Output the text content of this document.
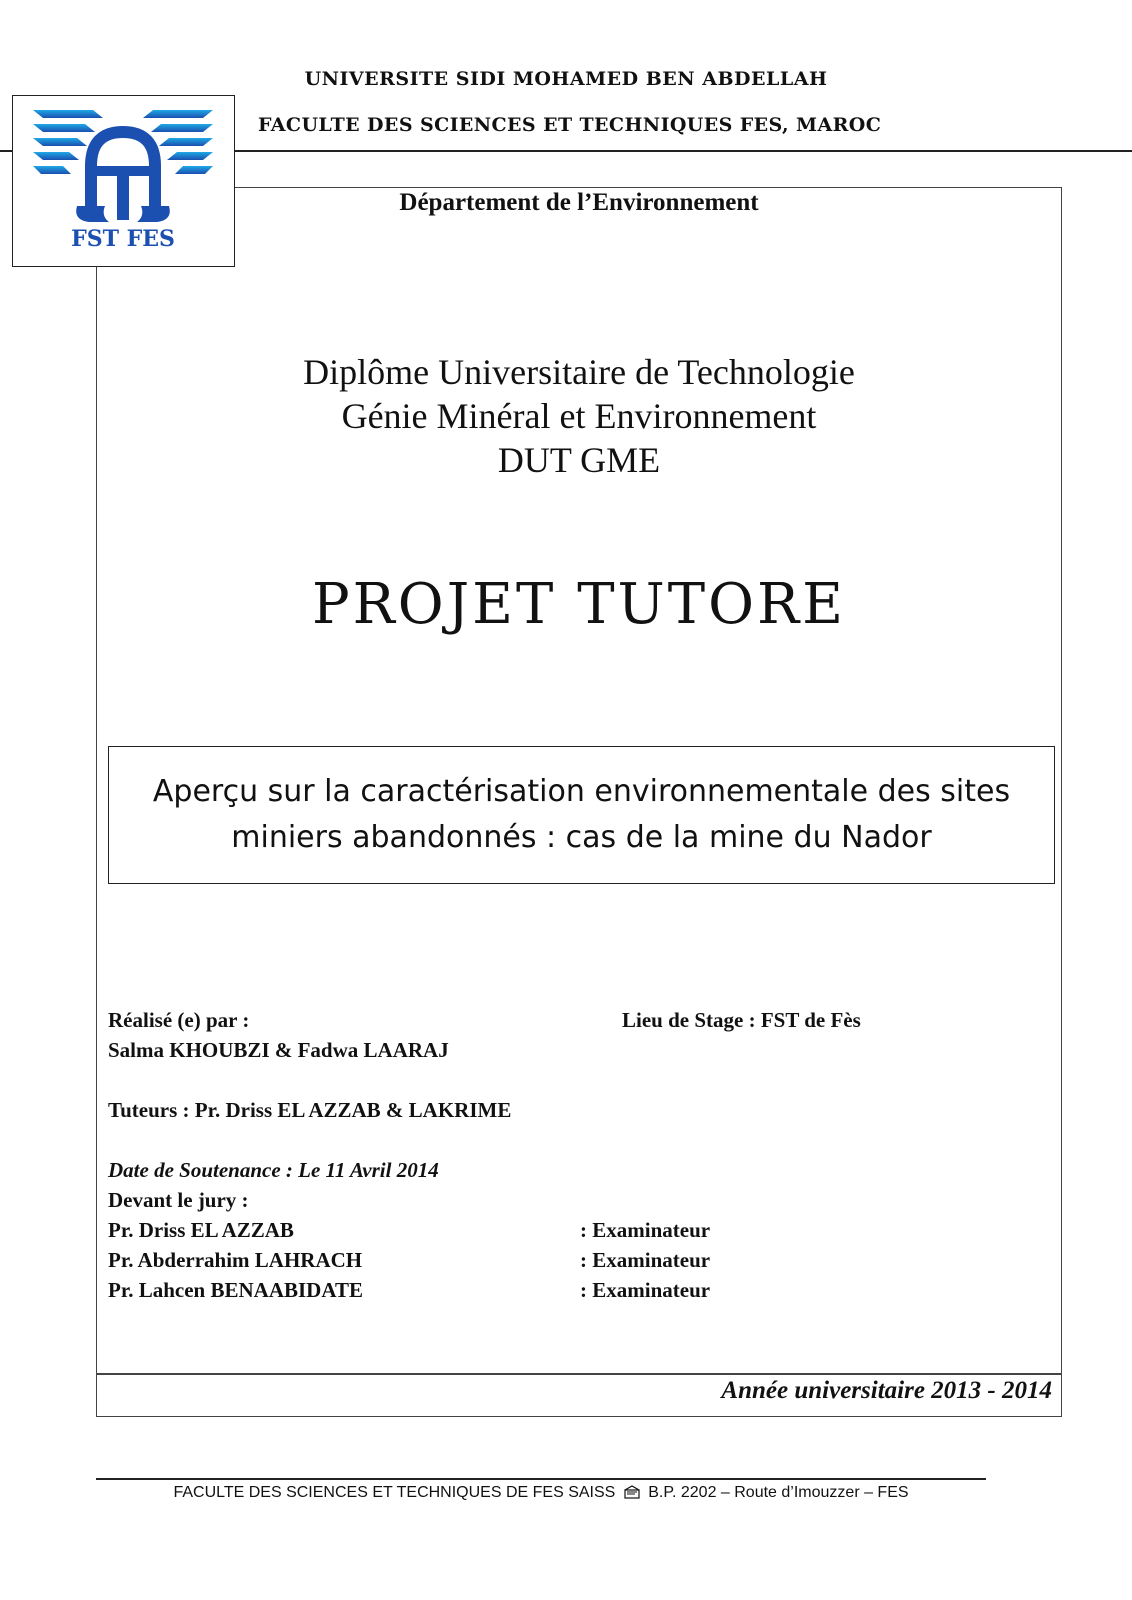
UNIVERSITE SIDI MOHAMED BEN ABDELLAH
FACULTE DES SCIENCES ET TECHNIQUES FES, MAROC
FST FES
Département de l’Environnement
Diplôme Universitaire de Technologie
Génie Minéral et Environnement
DUT GME
PROJET TUTORE
Aperçu sur la caractérisation environnementale des sites
miniers abandonnés : cas de la mine du Nador
Réalisé (e) par :
Salma KHOUBZI & Fadwa LAARAJ
Lieu de Stage : FST de Fès
Tuteurs : Pr. Driss EL AZZAB & LAKRIME
Date de Soutenance : Le 11 Avril 2014
Devant le jury :
Pr. Driss EL AZZAB	: Examinateur
Pr. Abderrahim LAHRACH	: Examinateur
Pr. Lahcen BENAABIDATE	: Examinateur
Année universitaire 2013 - 2014
FACULTE DES SCIENCES ET TECHNIQUES DE FES SAISS B.P. 2202 – Route d’Imouzzer – FES
